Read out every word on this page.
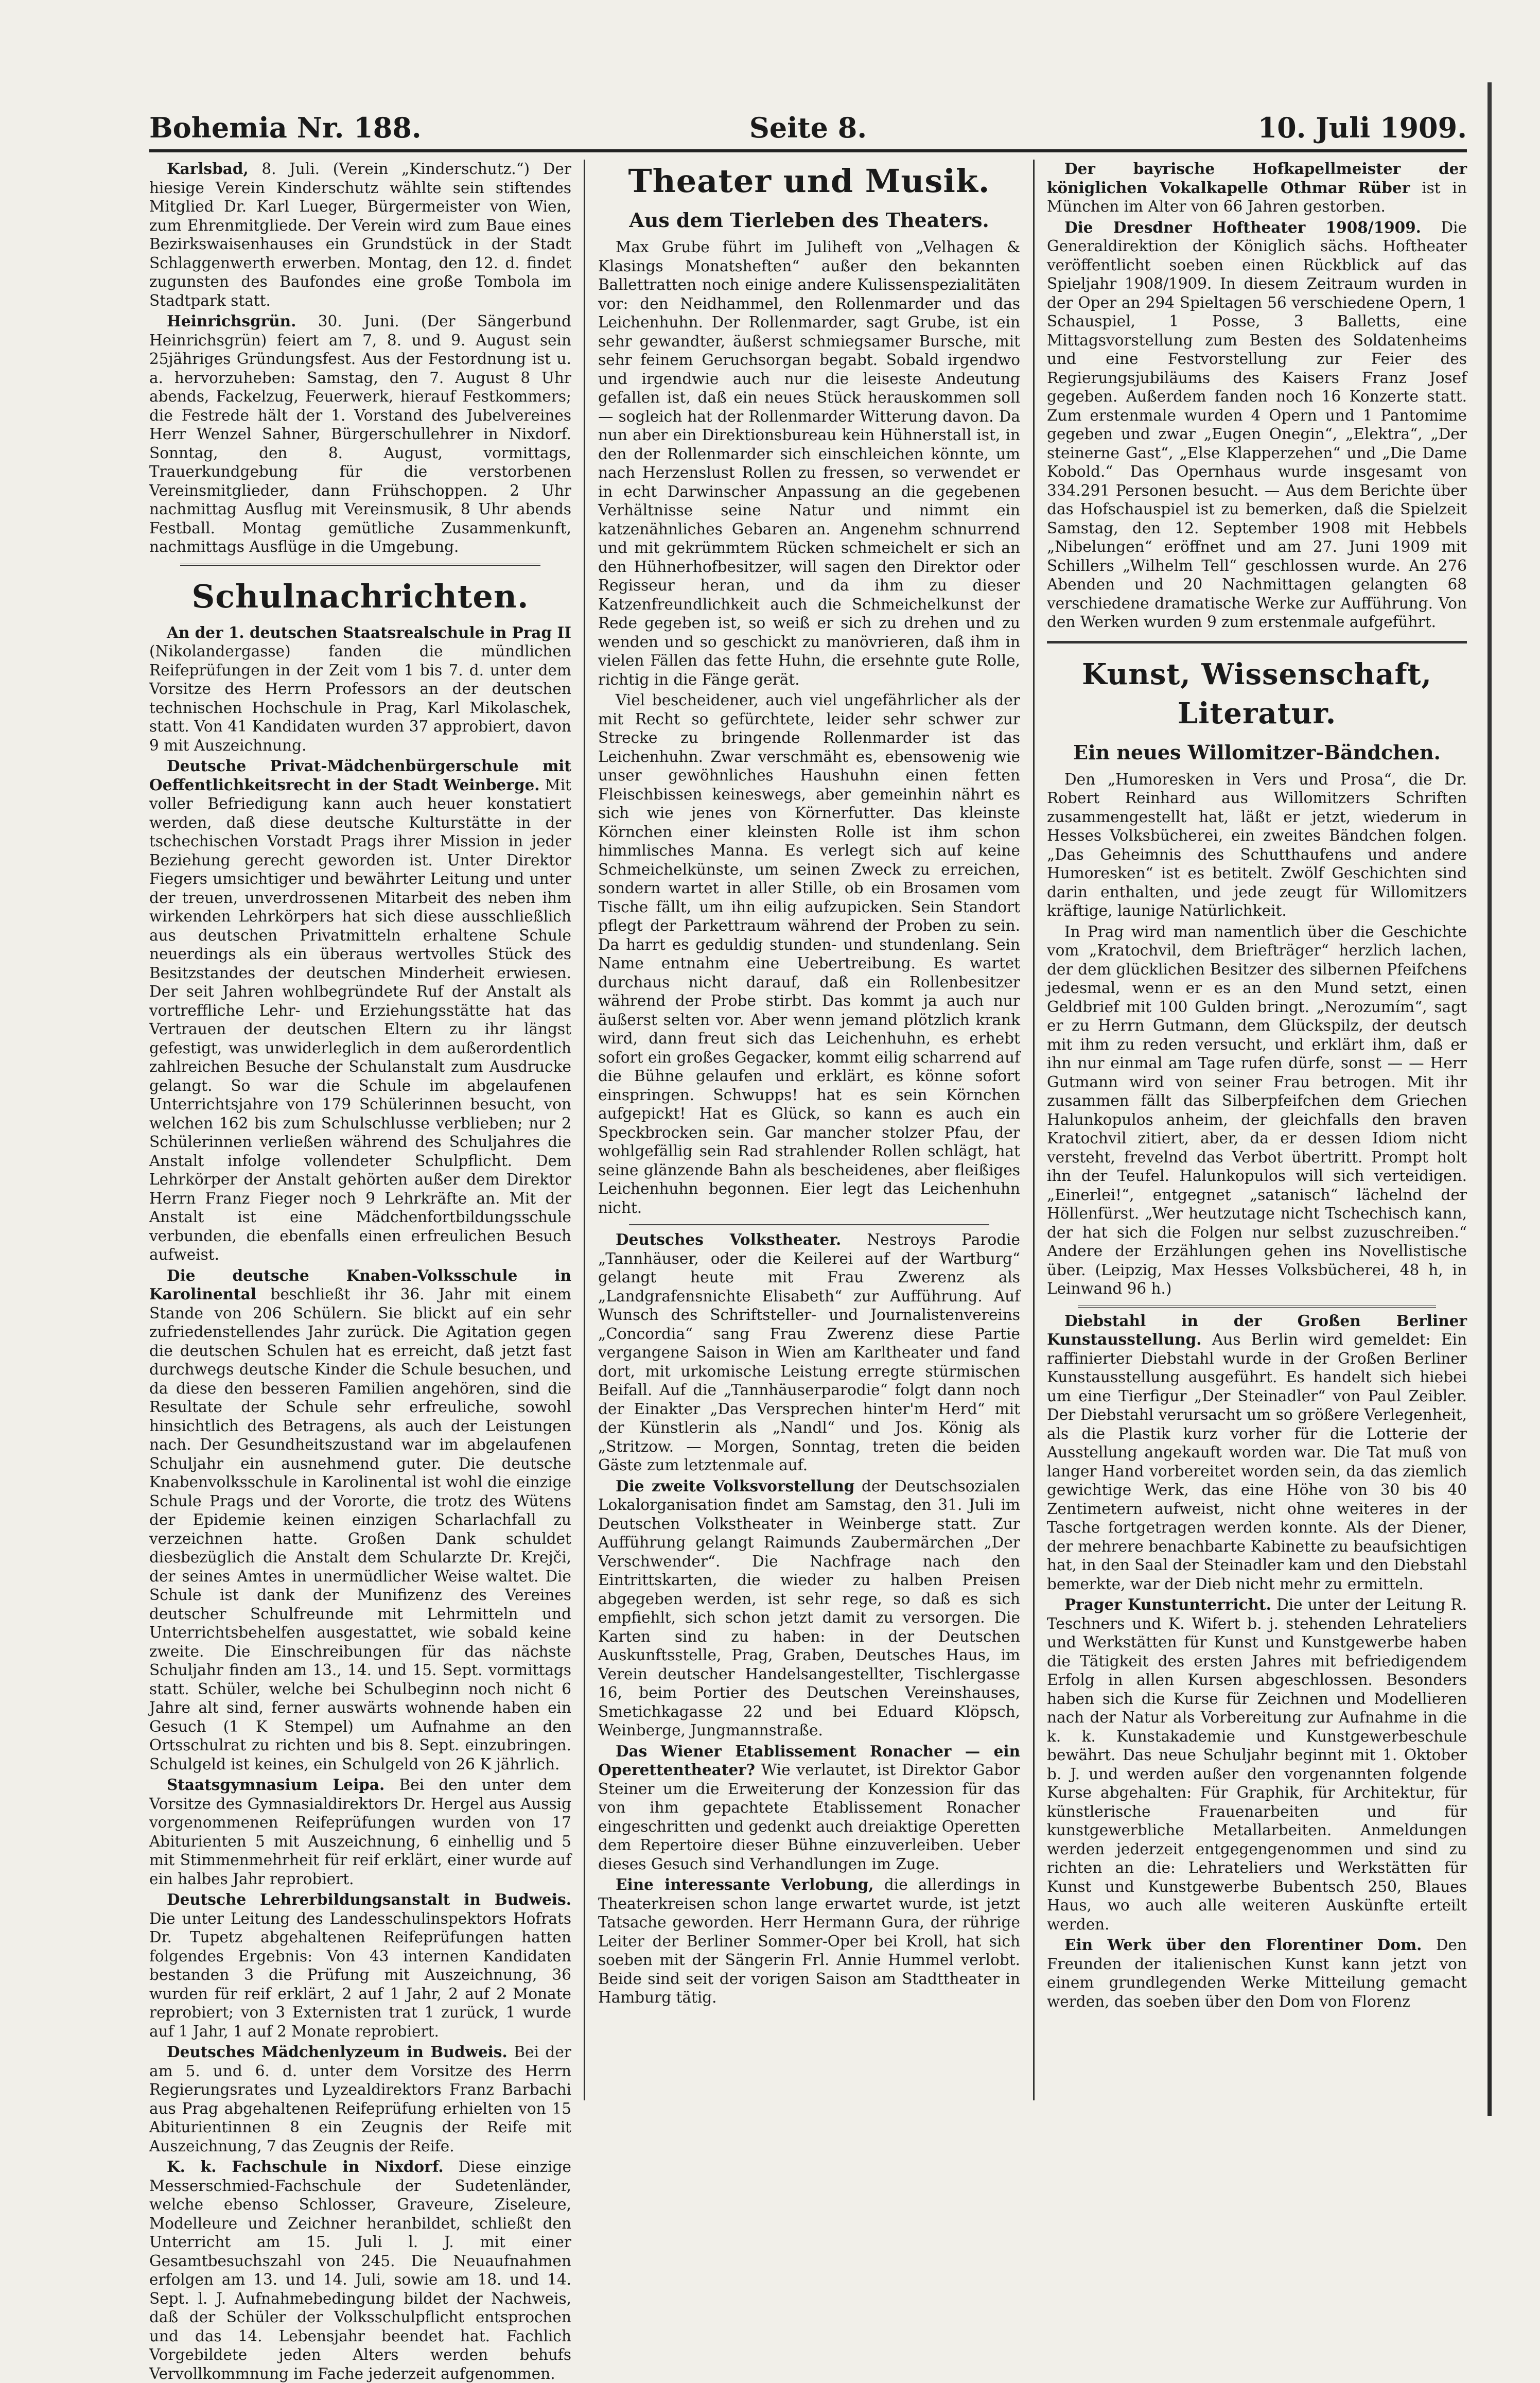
Bohemia Nr. 188.	Seite 8.	10. Juli 1909.

Karlsbad, 8. Juli. (Verein „Kinderschutz.“) Der hiesige Verein Kinderschutz wählte sein stiftendes Mitglied Dr. Karl Lueger, Bürgermeister von Wien, zum Ehrenmitgliede. Der Verein wird zum Baue eines Bezirkswaisenhauses ein Grundstück in der Stadt Schlaggenwerth erwerben. Montag, den 12. d. findet zugunsten des Baufondes eine große Tombola im Stadtpark statt.

Heinrichsgrün. 30. Juni. (Der Sängerbund Heinrichsgrün) feiert am 7, 8. und 9. August sein 25jähriges Gründungsfest. Aus der Festordnung ist u. a. hervorzuheben: Samstag, den 7. August 8 Uhr abends, Fackelzug, Feuerwerk, hierauf Festkommers; die Festrede hält der 1. Vorstand des Jubelvereines Herr Wenzel Sahner, Bürgerschullehrer in Nixdorf. Sonntag, den 8. August, vormittags, Trauerkundgebung für die verstorbenen Vereinsmitglieder, dann Frühschoppen. 2 Uhr nachmittag Ausflug mit Vereinsmusik, 8 Uhr abends Festball. Montag gemütliche Zusammenkunft, nachmittags Ausflüge in die Umgebung.

Schulnachrichten.

An der 1. deutschen Staatsrealschule in Prag II (Nikolandergasse) fanden die mündlichen Reifeprüfungen in der Zeit vom 1 bis 7. d. unter dem Vorsitze des Herrn Professors an der deutschen technischen Hochschule in Prag, Karl Mikolaschek, statt. Von 41 Kandidaten wurden 37 approbiert, davon 9 mit Auszeichnung.

Deutsche Privat-Mädchenbürgerschule mit Oeffentlichkeitsrecht in der Stadt Weinberge. Mit voller Befriedigung kann auch heuer konstatiert werden, daß diese deutsche Kulturstätte in der tschechischen Vorstadt Prags ihrer Mission in jeder Beziehung gerecht geworden ist. Unter Direktor Fiegers umsichtiger und bewährter Leitung und unter der treuen, unverdrossenen Mitarbeit des neben ihm wirkenden Lehrkörpers hat sich diese ausschließlich aus deutschen Privatmitteln erhaltene Schule neuerdings als ein überaus wertvolles Stück des Besitzstandes der deutschen Minderheit erwiesen. Der seit Jahren wohlbegründete Ruf der Anstalt als vortreffliche Lehr- und Erziehungsstätte hat das Vertrauen der deutschen Eltern zu ihr längst gefestigt, was unwiderleglich in dem außerordentlich zahlreichen Besuche der Schulanstalt zum Ausdrucke gelangt. So war die Schule im abgelaufenen Unterrichtsjahre von 179 Schülerinnen besucht, von welchen 162 bis zum Schulschlusse verblieben; nur 2 Schülerinnen verließen während des Schuljahres die Anstalt infolge vollendeter Schulpflicht. Dem Lehrkörper der Anstalt gehörten außer dem Direktor Herrn Franz Fieger noch 9 Lehrkräfte an. Mit der Anstalt ist eine Mädchenfortbildungsschule verbunden, die ebenfalls einen erfreulichen Besuch aufweist.

Die deutsche Knaben-Volksschule in Karolinental beschließt ihr 36. Jahr mit einem Stande von 206 Schülern. Sie blickt auf ein sehr zufriedenstellendes Jahr zurück. Die Agitation gegen die deutschen Schulen hat es erreicht, daß jetzt fast durchwegs deutsche Kinder die Schule besuchen, und da diese den besseren Familien angehören, sind die Resultate der Schule sehr erfreuliche, sowohl hinsichtlich des Betragens, als auch der Leistungen nach. Der Gesundheitszustand war im abgelaufenen Schuljahr ein ausnehmend guter. Die deutsche Knabenvolksschule in Karolinental ist wohl die einzige Schule Prags und der Vororte, die trotz des Wütens der Epidemie keinen einzigen Scharlachfall zu verzeichnen hatte. Großen Dank schuldet diesbezüglich die Anstalt dem Schularzte Dr. Krejči, der seines Amtes in unermüdlicher Weise waltet. Die Schule ist dank der Munifizenz des Vereines deutscher Schulfreunde mit Lehrmitteln und Unterrichtsbehelfen ausgestattet, wie sobald keine zweite. Die Einschreibungen für das nächste Schuljahr finden am 13., 14. und 15. Sept. vormittags statt. Schüler, welche bei Schulbeginn noch nicht 6 Jahre alt sind, ferner auswärts wohnende haben ein Gesuch (1 K Stempel) um Aufnahme an den Ortsschulrat zu richten und bis 8. Sept. einzubringen. Schulgeld ist keines, ein Schulgeld von 26 K jährlich.

Staatsgymnasium Leipa. Bei den unter dem Vorsitze des Gymnasialdirektors Dr. Hergel aus Aussig vorgenommenen Reifeprüfungen wurden von 17 Abiturienten 5 mit Auszeichnung, 6 einhellig und 5 mit Stimmenmehrheit für reif erklärt, einer wurde auf ein halbes Jahr reprobiert.

Deutsche Lehrerbildungsanstalt in Budweis. Die unter Leitung des Landesschulinspektors Hofrats Dr. Tupetz abgehaltenen Reifeprüfungen hatten folgendes Ergebnis: Von 43 internen Kandidaten bestanden 3 die Prüfung mit Auszeichnung, 36 wurden für reif erklärt, 2 auf 1 Jahr, 2 auf 2 Monate reprobiert; von 3 Externisten trat 1 zurück, 1 wurde auf 1 Jahr, 1 auf 2 Monate reprobiert.

Deutsches Mädchenlyzeum in Budweis. Bei der am 5. und 6. d. unter dem Vorsitze des Herrn Regierungsrates und Lyzealdirektors Franz Barbachi aus Prag abgehaltenen Reifeprüfung erhielten von 15 Abiturientinnen 8 ein Zeugnis der Reife mit Auszeichnung, 7 das Zeugnis der Reife.

K. k. Fachschule in Nixdorf. Diese einzige Messerschmied-Fachschule der Sudetenländer, welche ebenso Schlosser, Graveure, Ziseleure, Modelleure und Zeichner heranbildet, schließt den Unterricht am 15. Juli l. J. mit einer Gesamtbesuchszahl von 245. Die Neuaufnahmen erfolgen am 13. und 14. Juli, sowie am 18. und 14. Sept. l. J. Aufnahmebedingung bildet der Nachweis, daß der Schüler der Volksschulpflicht entsprochen und das 14. Lebensjahr beendet hat. Fachlich Vorgebildete jeden Alters werden behufs Vervollkommnung im Fache jederzeit aufgenommen.

Theater und Musik.
Aus dem Tierleben des Theaters.

Max Grube führt im Juliheft von „Velhagen & Klasings Monatsheften“ außer den bekannten Ballettratten noch einige andere Kulissenspezialitäten vor: den Neidhammel, den Rollenmarder und das Leichenhuhn. Der Rollenmarder, sagt Grube, ist ein sehr gewandter, äußerst schmiegsamer Bursche, mit sehr feinem Geruchsorgan begabt. Sobald irgendwo und irgendwie auch nur die leiseste Andeutung gefallen ist, daß ein neues Stück herauskommen soll — sogleich hat der Rollenmarder Witterung davon. Da nun aber ein Direktionsbureau kein Hühnerstall ist, in den der Rollenmarder sich einschleichen könnte, um nach Herzenslust Rollen zu fressen, so verwendet er in echt Darwinscher Anpassung an die gegebenen Verhältnisse seine Natur und nimmt ein katzenähnliches Gebaren an. Angenehm schnurrend und mit gekrümmtem Rücken schmeichelt er sich an den Hühnerhofbesitzer, will sagen den Direktor oder Regisseur heran, und da ihm zu dieser Katzenfreundlichkeit auch die Schmeichelkunst der Rede gegeben ist, so weiß er sich zu drehen und zu wenden und so geschickt zu manövrieren, daß ihm in vielen Fällen das fette Huhn, die ersehnte gute Rolle, richtig in die Fänge gerät.

Viel bescheidener, auch viel ungefährlicher als der mit Recht so gefürchtete, leider sehr schwer zur Strecke zu bringende Rollenmarder ist das Leichenhuhn. Zwar verschmäht es, ebensowenig wie unser gewöhnliches Haushuhn einen fetten Fleischbissen keineswegs, aber gemeinhin nährt es sich wie jenes von Körnerfutter. Das kleinste Körnchen einer kleinsten Rolle ist ihm schon himmlisches Manna. Es verlegt sich auf keine Schmeichelkünste, um seinen Zweck zu erreichen, sondern wartet in aller Stille, ob ein Brosamen vom Tische fällt, um ihn eilig aufzupicken. Sein Standort pflegt der Parkettraum während der Proben zu sein. Da harrt es geduldig stunden- und stundenlang. Sein Name entnahm eine Uebertreibung. Es wartet durchaus nicht darauf, daß ein Rollenbesitzer während der Probe stirbt. Das kommt ja auch nur äußerst selten vor. Aber wenn jemand plötzlich krank wird, dann freut sich das Leichenhuhn, es erhebt sofort ein großes Gegacker, kommt eilig scharrend auf die Bühne gelaufen und erklärt, es könne sofort einspringen. Schwupps! hat es sein Körnchen aufgepickt! Hat es Glück, so kann es auch ein Speckbrocken sein. Gar mancher stolzer Pfau, der wohlgefällig sein Rad strahlender Rollen schlägt, hat seine glänzende Bahn als bescheidenes, aber fleißiges Leichenhuhn begonnen. Eier legt das Leichenhuhn nicht.

Deutsches Volkstheater. Nestroys Parodie „Tannhäuser, oder die Keilerei auf der Wartburg“ gelangt heute mit Frau Zwerenz als „Landgrafensnichte Elisabeth“ zur Aufführung. Auf Wunsch des Schriftsteller- und Journalistenvereins „Concordia“ sang Frau Zwerenz diese Partie vergangene Saison in Wien am Karltheater und fand dort, mit urkomische Leistung erregte stürmischen Beifall. Auf die „Tannhäuserparodie“ folgt dann noch der Einakter „Das Versprechen hinter'm Herd“ mit der Künstlerin als „Nandl“ und Jos. König als „Stritzow. — Morgen, Sonntag, treten die beiden Gäste zum letztenmale auf.

Die zweite Volksvorstellung der Deutschsozialen Lokalorganisation findet am Samstag, den 31. Juli im Deutschen Volkstheater in Weinberge statt. Zur Aufführung gelangt Raimunds Zaubermärchen „Der Verschwender“. Die Nachfrage nach den Eintrittskarten, die wieder zu halben Preisen abgegeben werden, ist sehr rege, so daß es sich empfiehlt, sich schon jetzt damit zu versorgen. Die Karten sind zu haben: in der Deutschen Auskunftsstelle, Prag, Graben, Deutsches Haus, im Verein deutscher Handelsangestellter, Tischlergasse 16, beim Portier des Deutschen Vereinshauses, Smetichkagasse 22 und bei Eduard Klöpsch, Weinberge, Jungmannstraße.

Das Wiener Etablissement Ronacher — ein Operettentheater? Wie verlautet, ist Direktor Gabor Steiner um die Erweiterung der Konzession für das von ihm gepachtete Etablissement Ronacher eingeschritten und gedenkt auch dreiaktige Operetten dem Repertoire dieser Bühne einzuverleiben. Ueber dieses Gesuch sind Verhandlungen im Zuge.

Eine interessante Verlobung, die allerdings in Theaterkreisen schon lange erwartet wurde, ist jetzt Tatsache geworden. Herr Hermann Gura, der rührige Leiter der Berliner Sommer-Oper bei Kroll, hat sich soeben mit der Sängerin Frl. Annie Hummel verlobt. Beide sind seit der vorigen Saison am Stadttheater in Hamburg tätig.

Der bayrische Hofkapellmeister der königlichen Vokalkapelle Othmar Rüber ist in München im Alter von 66 Jahren gestorben.

Die Dresdner Hoftheater 1908/1909. Die Generaldirektion der Königlich sächs. Hoftheater veröffentlicht soeben einen Rückblick auf das Spieljahr 1908/1909. In diesem Zeitraum wurden in der Oper an 294 Spieltagen 56 verschiedene Opern, 1 Schauspiel, 1 Posse, 3 Balletts, eine Mittagsvorstellung zum Besten des Soldatenheims und eine Festvorstellung zur Feier des Regierungsjubiläums des Kaisers Franz Josef gegeben. Außerdem fanden noch 16 Konzerte statt. Zum erstenmale wurden 4 Opern und 1 Pantomime gegeben und zwar „Eugen Onegin“, „Elektra“, „Der steinerne Gast“, „Else Klapperzehen“ und „Die Dame Kobold.“ Das Opernhaus wurde insgesamt von 334.291 Personen besucht. — Aus dem Berichte über das Hofschauspiel ist zu bemerken, daß die Spielzeit Samstag, den 12. September 1908 mit Hebbels „Nibelungen“ eröffnet und am 27. Juni 1909 mit Schillers „Wilhelm Tell“ geschlossen wurde. An 276 Abenden und 20 Nachmittagen gelangten 68 verschiedene dramatische Werke zur Aufführung. Von den Werken wurden 9 zum erstenmale aufgeführt.

Kunst, Wissenschaft, Literatur.
Ein neues Willomitzer-Bändchen.

Den „Humoresken in Vers und Prosa“, die Dr. Robert Reinhard aus Willomitzers Schriften zusammengestellt hat, läßt er jetzt, wiederum in Hesses Volksbücherei, ein zweites Bändchen folgen. „Das Geheimnis des Schutthaufens und andere Humoresken“ ist es betitelt. Zwölf Geschichten sind darin enthalten, und jede zeugt für Willomitzers kräftige, launige Natürlichkeit.

In Prag wird man namentlich über die Geschichte vom „Kratochvil, dem Briefträger“ herzlich lachen, der dem glücklichen Besitzer des silbernen Pfeifchens jedesmal, wenn er es an den Mund setzt, einen Geldbrief mit 100 Gulden bringt. „Nerozumím“, sagt er zu Herrn Gutmann, dem Glückspilz, der deutsch mit ihm zu reden versucht, und erklärt ihm, daß er ihn nur einmal am Tage rufen dürfe, sonst — — Herr Gutmann wird von seiner Frau betrogen. Mit ihr zusammen fällt das Silberpfeifchen dem Griechen Halunkopulos anheim, der gleichfalls den braven Kratochvil zitiert, aber, da er dessen Idiom nicht versteht, frevelnd das Verbot übertritt. Prompt holt ihn der Teufel. Halunkopulos will sich verteidigen. „Einerlei!“, entgegnet „satanisch“ lächelnd der Höllenfürst. „Wer heutzutage nicht Tschechisch kann, der hat sich die Folgen nur selbst zuzuschreiben.“ Andere der Erzählungen gehen ins Novellistische über. (Leipzig, Max Hesses Volksbücherei, 48 h, in Leinwand 96 h.)

Diebstahl in der Großen Berliner Kunstausstellung. Aus Berlin wird gemeldet: Ein raffinierter Diebstahl wurde in der Großen Berliner Kunstausstellung ausgeführt. Es handelt sich hiebei um eine Tierfigur „Der Steinadler“ von Paul Zeibler. Der Diebstahl verursacht um so größere Verlegenheit, als die Plastik kurz vorher für die Lotterie der Ausstellung angekauft worden war. Die Tat muß von langer Hand vorbereitet worden sein, da das ziemlich gewichtige Werk, das eine Höhe von 30 bis 40 Zentimetern aufweist, nicht ohne weiteres in der Tasche fortgetragen werden konnte. Als der Diener, der mehrere benachbarte Kabinette zu beaufsichtigen hat, in den Saal der Steinadler kam und den Diebstahl bemerkte, war der Dieb nicht mehr zu ermitteln.

Prager Kunstunterricht. Die unter der Leitung R. Teschners und K. Wifert b. j. stehenden Lehrateliers und Werkstätten für Kunst und Kunstgewerbe haben die Tätigkeit des ersten Jahres mit befriedigendem Erfolg in allen Kursen abgeschlossen. Besonders haben sich die Kurse für Zeichnen und Modellieren nach der Natur als Vorbereitung zur Aufnahme in die k. k. Kunstakademie und Kunstgewerbeschule bewährt. Das neue Schuljahr beginnt mit 1. Oktober b. J. und werden außer den vorgenannten folgende Kurse abgehalten: Für Graphik, für Architektur, für künstlerische Frauenarbeiten und für kunstgewerbliche Metallarbeiten. Anmeldungen werden jederzeit entgegengenommen und sind zu richten an die: Lehrateliers und Werkstätten für Kunst und Kunstgewerbe Bubentsch 250, Blaues Haus, wo auch alle weiteren Auskünfte erteilt werden.

Ein Werk über den Florentiner Dom. Den Freunden der italienischen Kunst kann jetzt von einem grundlegenden Werke Mitteilung gemacht werden, das soeben über den Dom von Florenz
